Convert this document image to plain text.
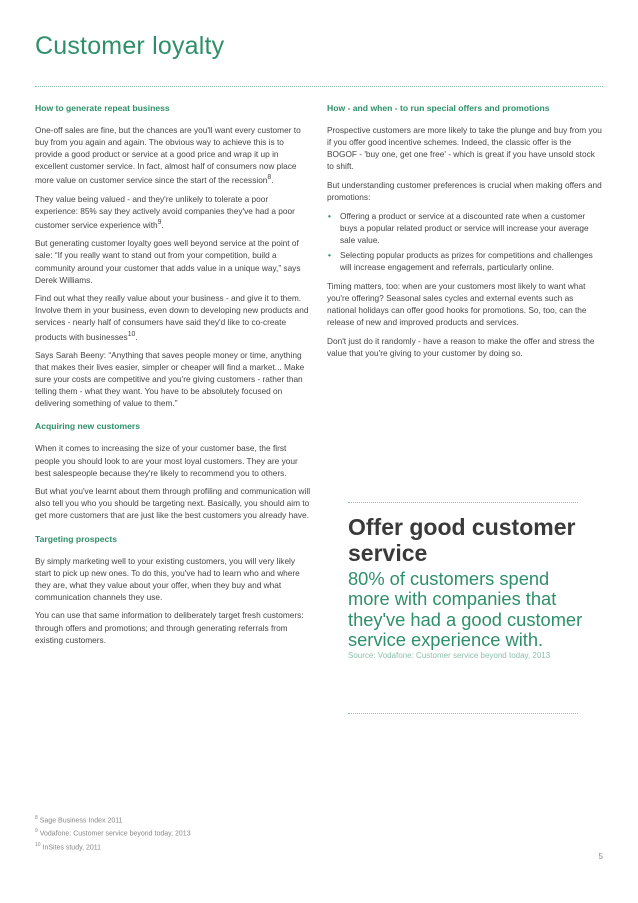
Customer loyalty
How to generate repeat business

One-off sales are fine, but the chances are you'll want every customer to buy from you again and again. The obvious way to achieve this is to provide a good product or service at a good price and wrap it up in excellent customer service. In fact, almost half of consumers now place more value on customer service since the start of the recession$^8$.

They value being valued - and they're unlikely to tolerate a poor experience: 85% say they actively avoid companies they've had a poor customer service experience with$^9$.

But generating customer loyalty goes well beyond service at the point of sale: “If you really want to stand out from your competition, build a community around your customer that adds value in a unique way,” says Derek Williams.

Find out what they really value about your business - and give it to them. Involve them in your business, even down to developing new products and services - nearly half of consumers have said they'd like to co-create products with businesses$^{10}$.

Says Sarah Beeny: “Anything that saves people money or time, anything that makes their lives easier, simpler or cheaper will find a market... Make sure your costs are competitive and you're giving customers - rather than telling them - what they want. You have to be absolutely focused on delivering something of value to them.”

Acquiring new customers

When it comes to increasing the size of your customer base, the first people you should look to are your most loyal customers. They are your best salespeople because they're likely to recommend you to others.

But what you've learnt about them through profiling and communication will also tell you who you should be targeting next. Basically, you should aim to get more customers that are just like the best customers you already have.

Targeting prospects

By simply marketing well to your existing customers, you will very likely start to pick up new ones. To do this, you've had to learn who and where they are, what they value about your offer, when they buy and what communication channels they use.

You can use that same information to deliberately target fresh customers: through offers and promotions; and through generating referrals from existing customers.

How - and when - to run special offers and promotions

Prospective customers are more likely to take the plunge and buy from you if you offer good incentive schemes. Indeed, the classic offer is the BOGOF - 'buy one, get one free' - which is great if you have unsold stock to shift.

But understanding customer preferences is crucial when making offers and promotions:

• Offering a product or service at a discounted rate when a customer buys a popular related product or service will increase your average sale value.
• Selecting popular products as prizes for competitions and challenges will increase engagement and referrals, particularly online.

Timing matters, too: when are your customers most likely to want what you're offering? Seasonal sales cycles and external events such as national holidays can offer good hooks for promotions. So, too, can the release of new and improved products and services.

Don't just do it randomly - have a reason to make the offer and stress the value that you're giving to your customer by doing so.

Offer good customer service
80% of customers spend more with companies that they've had a good customer service experience with.
Source: Vodafone: Customer service beyond today, 2013
$^8$ Sage Business Index 2011
$^9$ Vodafone: Customer service beyond today, 2013
$^{10}$ InSites study, 2011
5
